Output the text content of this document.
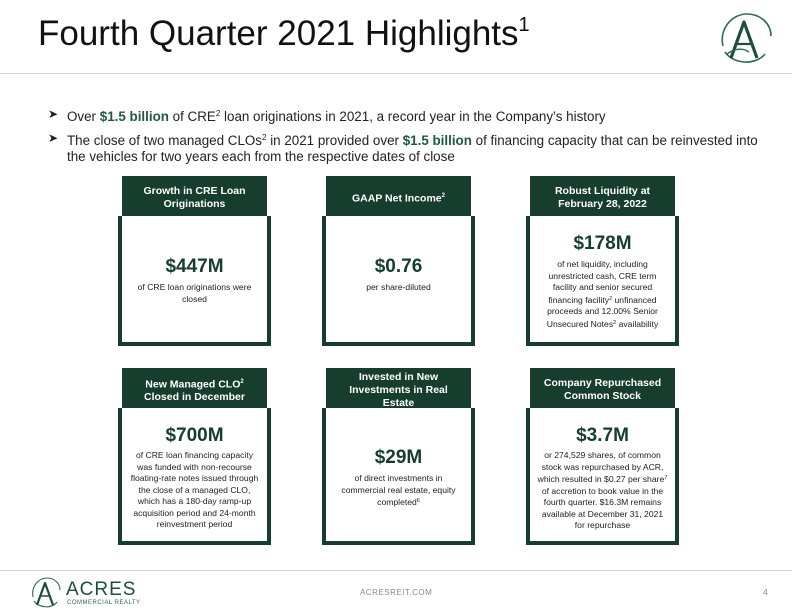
Fourth Quarter 2021 Highlights$^1$
➤ Over $1.5 billion of CRE$^2$ loan originations in 2021, a record year in the Company’s history
➤ The close of two managed CLOs$^2$ in 2021 provided over $1.5 billion of financing capacity that can be reinvested into the vehicles for two years each from the respective dates of close
Growth in CRE Loan
Originations
$447M
of CRE loan originations were closed
GAAP Net Income$^2$
$0.76
per share-diluted
Robust Liquidity at
February 28, 2022
$178M
of net liquidity, including unrestricted cash, CRE term facility and senior secured financing facility$^2$ unfinanced proceeds and 12.00% Senior Unsecured Notes$^2$ availability
New Managed CLO$^2$
Closed in December
$700M
of CRE loan financing capacity was funded with non-recourse floating-rate notes issued through the close of a managed CLO, which has a 180-day ramp-up acquisition period and 24-month reinvestment period
Invested in New
Investments in Real
Estate
$29M
of direct investments in commercial real estate, equity completed$^6$
Company Repurchased
Common Stock
$3.7M
or 274,529 shares, of common stock was repurchased by ACR, which resulted in $0.27 per share$^7$ of accretion to book value in the fourth quarter. $16.3M remains available at December 31, 2021 for repurchase
ACRES
COMMERCIAL REALTY
ACRESREIT.COM	4
